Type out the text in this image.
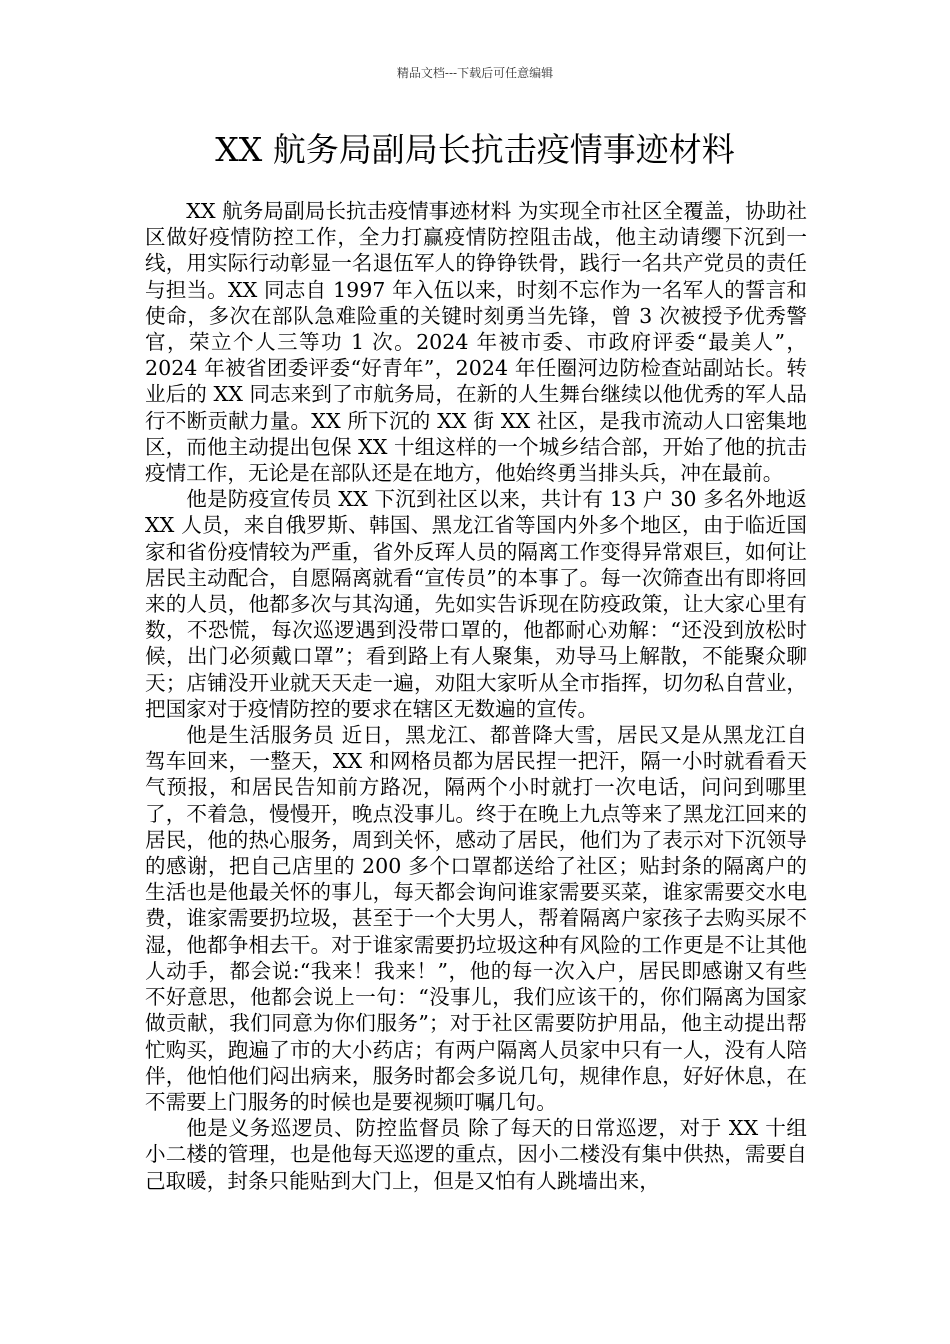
精品文档---下载后可任意编辑
XX 航务局副局长抗击疫情事迹材料

XX 航务局副局长抗击疫情事迹材料 为实现全市社区全覆盖，协助社区做好疫情防控工作，全力打赢疫情防控阻击战，他主动请缨下沉到一线，用实际行动彰显一名退伍军人的铮铮铁骨，践行一名共产党员的责任与担当。XX 同志自 1997 年入伍以来，时刻不忘作为一名军人的誓言和使命，多次在部队急难险重的关键时刻勇当先锋，曾 3 次被授予优秀警官，荣立个人三等功 1 次。2024 年被市委、市政府评委“最美人”，2024 年被省团委评委“好青年”，2024 年任圈河边防检查站副站长。转业后的 XX 同志来到了市航务局，在新的人生舞台继续以他优秀的军人品行不断贡献力量。XX 所下沉的 XX 街 XX 社区，是我市流动人口密集地区，而他主动提出包保 XX 十组这样的一个城乡结合部，开始了他的抗击疫情工作，无论是在部队还是在地方，他始终勇当排头兵，冲在最前。

他是防疫宣传员 XX 下沉到社区以来，共计有 13 户 30 多名外地返 XX 人员，来自俄罗斯、韩国、黑龙江省等国内外多个地区，由于临近国家和省份疫情较为严重，省外反珲人员的隔离工作变得异常艰巨，如何让居民主动配合，自愿隔离就看“宣传员”的本事了。每一次筛查出有即将回来的人员，他都多次与其沟通，先如实告诉现在防疫政策，让大家心里有数，不恐慌，每次巡逻遇到没带口罩的，他都耐心劝解：“还没到放松时候，出门必须戴口罩”；看到路上有人聚集，劝导马上解散，不能聚众聊天；店铺没开业就天天走一遍，劝阻大家听从全市指挥，切勿私自营业，把国家对于疫情防控的要求在辖区无数遍的宣传。

他是生活服务员 近日，黑龙江、都普降大雪，居民又是从黑龙江自驾车回来，一整天，XX 和网格员都为居民捏一把汗，隔一小时就看看天气预报，和居民告知前方路况，隔两个小时就打一次电话，问问到哪里了，不着急，慢慢开，晚点没事儿。终于在晚上九点等来了黑龙江回来的居民，他的热心服务，周到关怀，感动了居民，他们为了表示对下沉领导的感谢，把自己店里的 200 多个口罩都送给了社区；贴封条的隔离户的生活也是他最关怀的事儿，每天都会询问谁家需要买菜，谁家需要交水电费，谁家需要扔垃圾，甚至于一个大男人，帮着隔离户家孩子去购买尿不湿，他都争相去干。对于谁家需要扔垃圾这种有风险的工作更是不让其他人动手，都会说:“我来！我来！”，他的每一次入户，居民即感谢又有些不好意思，他都会说上一句：“没事儿，我们应该干的，你们隔离为国家做贡献，我们同意为你们服务”；对于社区需要防护用品，他主动提出帮忙购买，跑遍了市的大小药店；有两户隔离人员家中只有一人，没有人陪伴，他怕他们闷出病来，服务时都会多说几句，规律作息，好好休息，在不需要上门服务的时候也是要视频叮嘱几句。

他是义务巡逻员、防控监督员 除了每天的日常巡逻，对于 XX 十组小二楼的管理，也是他每天巡逻的重点，因小二楼没有集中供热，需要自己取暖，封条只能贴到大门上，但是又怕有人跳墙出来，
